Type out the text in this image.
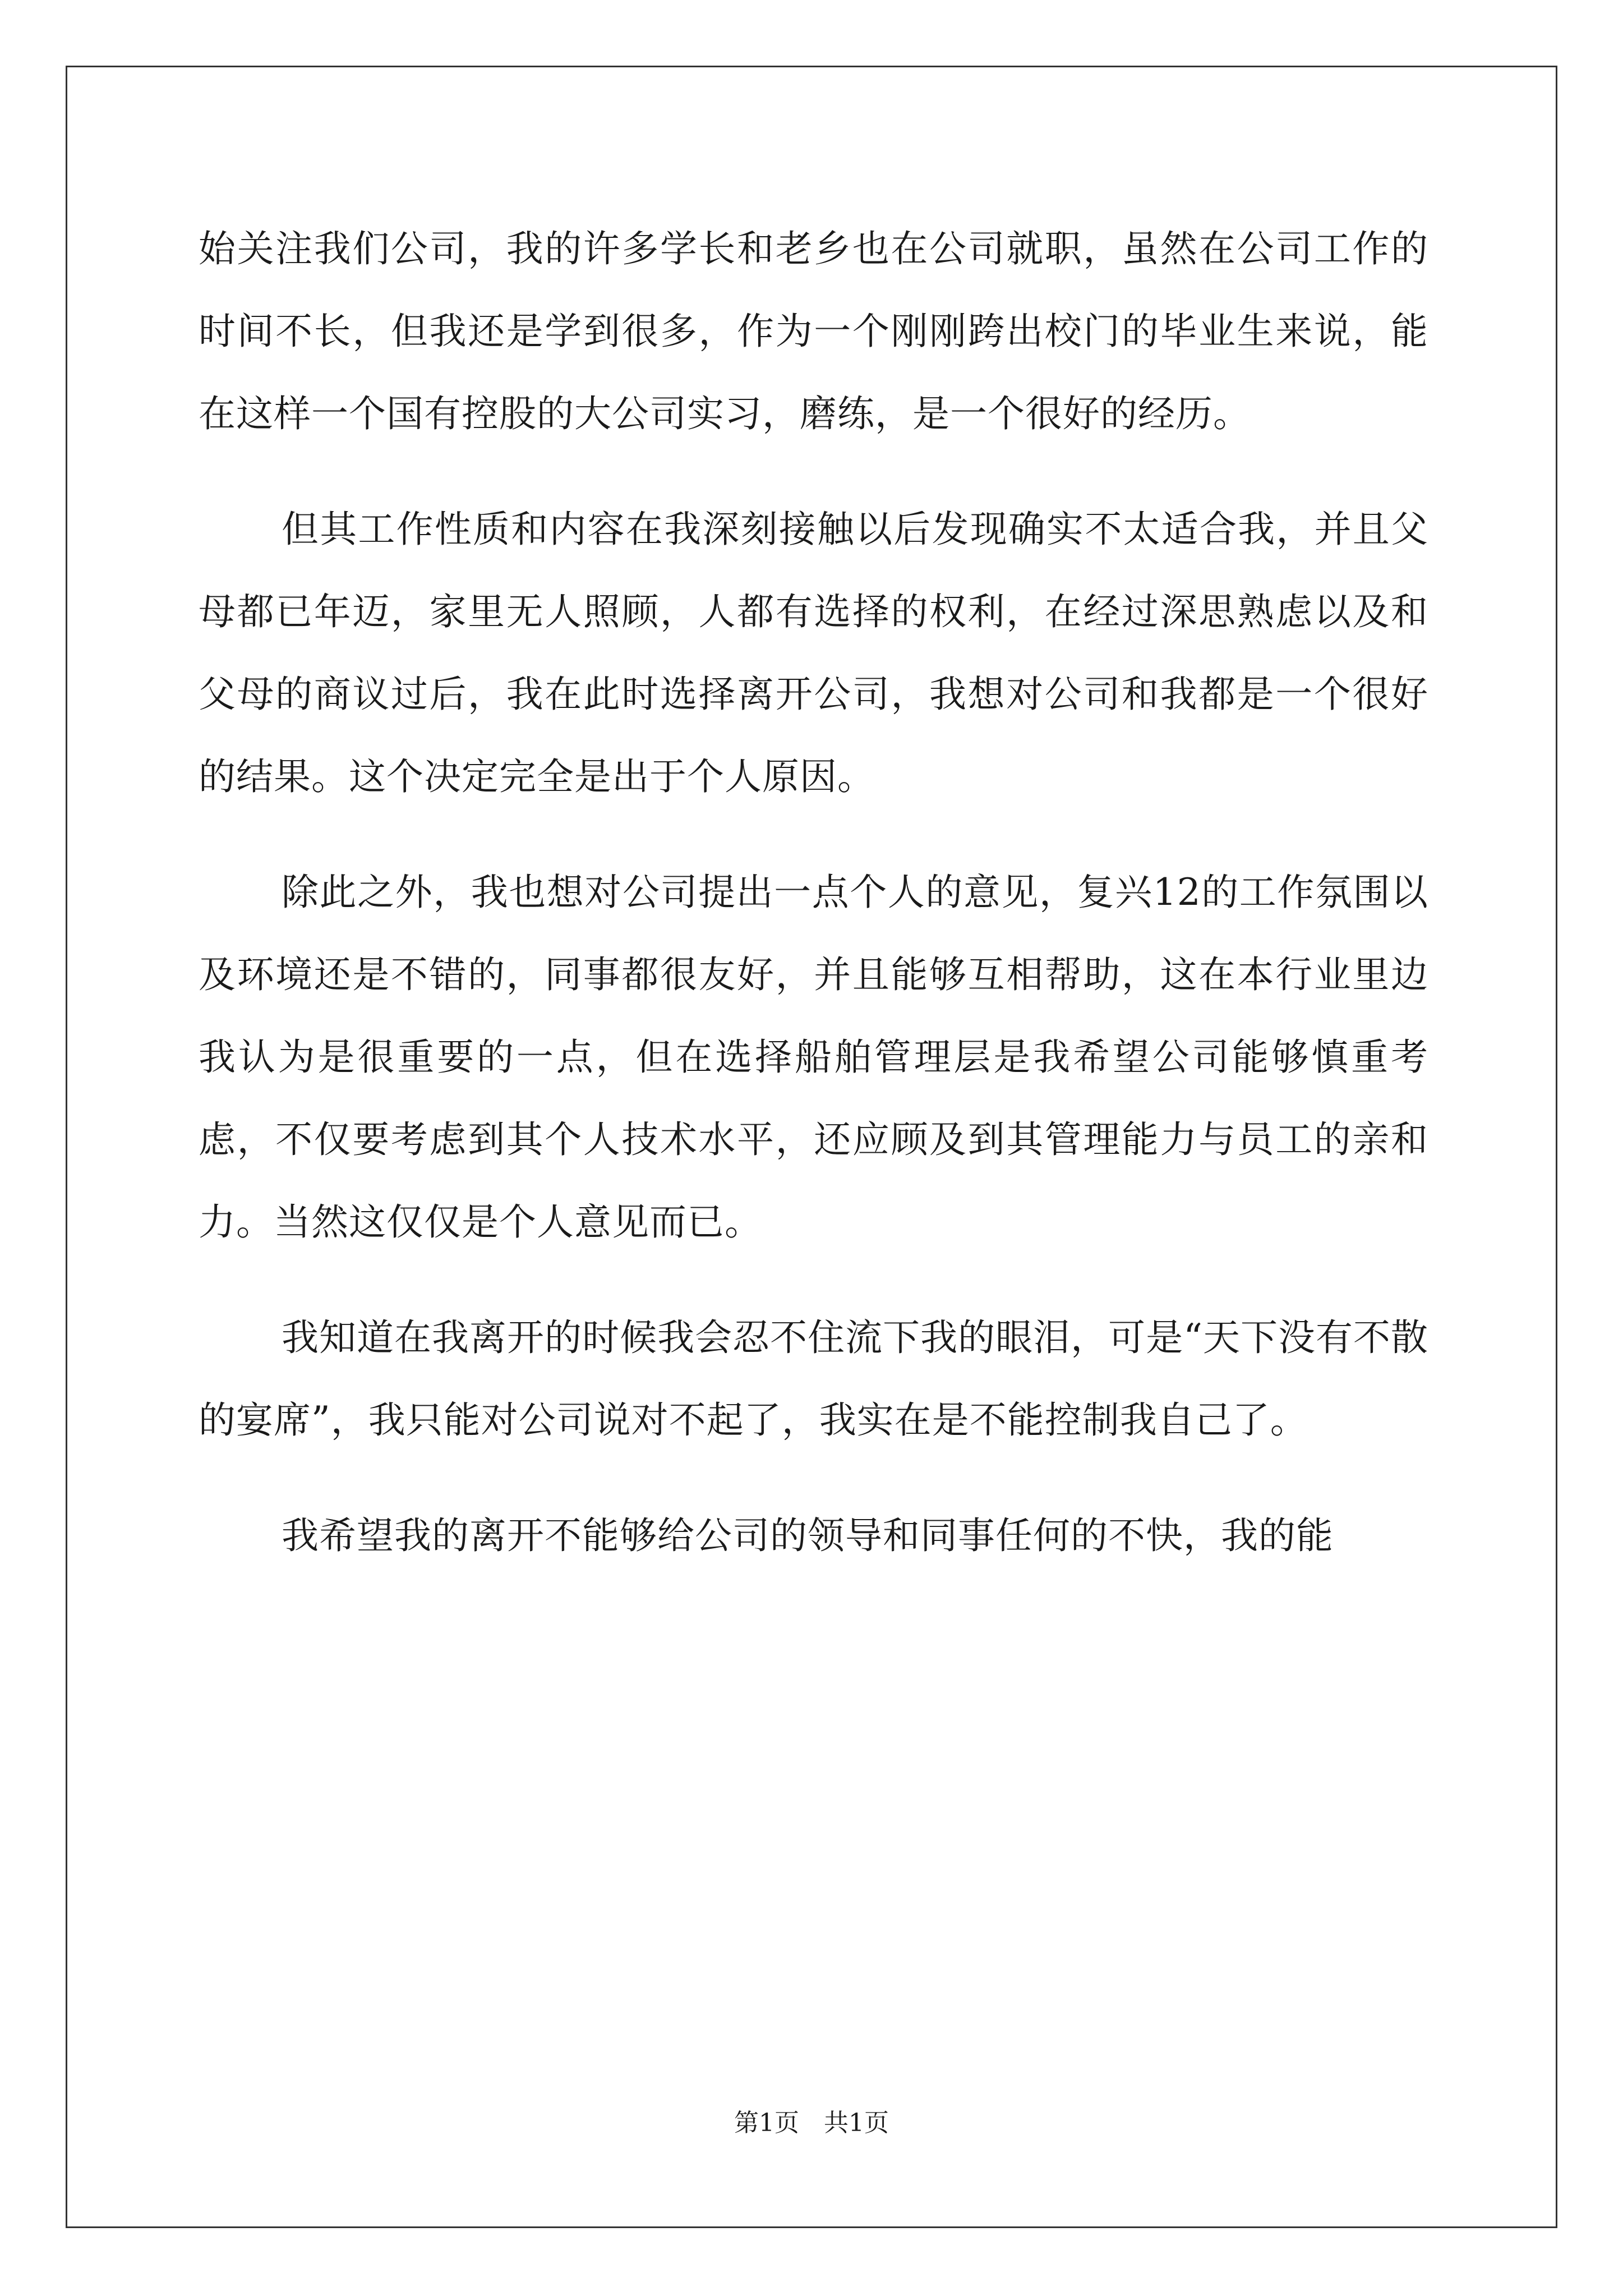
始关注我们公司，我的许多学长和老乡也在公司就职，虽然在公司工作的时间不长，但我还是学到很多，作为一个刚刚跨出校门的毕业生来说，能在这样一个国有控股的大公司实习，磨练，是一个很好的经历。

但其工作性质和内容在我深刻接触以后发现确实不太适合我，并且父母都已年迈，家里无人照顾，人都有选择的权利，在经过深思熟虑以及和父母的商议过后，我在此时选择离开公司，我想对公司和我都是一个很好的结果。这个决定完全是出于个人原因。

除此之外，我也想对公司提出一点个人的意见，复兴12的工作氛围以及环境还是不错的，同事都很友好，并且能够互相帮助，这在本行业里边我认为是很重要的一点，但在选择船舶管理层是我希望公司能够慎重考虑，不仅要考虑到其个人技术水平，还应顾及到其管理能力与员工的亲和力。当然这仅仅是个人意见而已。

我知道在我离开的时候我会忍不住流下我的眼泪，可是“天下没有不散的宴席”，我只能对公司说对不起了，我实在是不能控制我自己了。

我希望我的离开不能够给公司的领导和同事任何的不快，我的能

第1页 共1页
